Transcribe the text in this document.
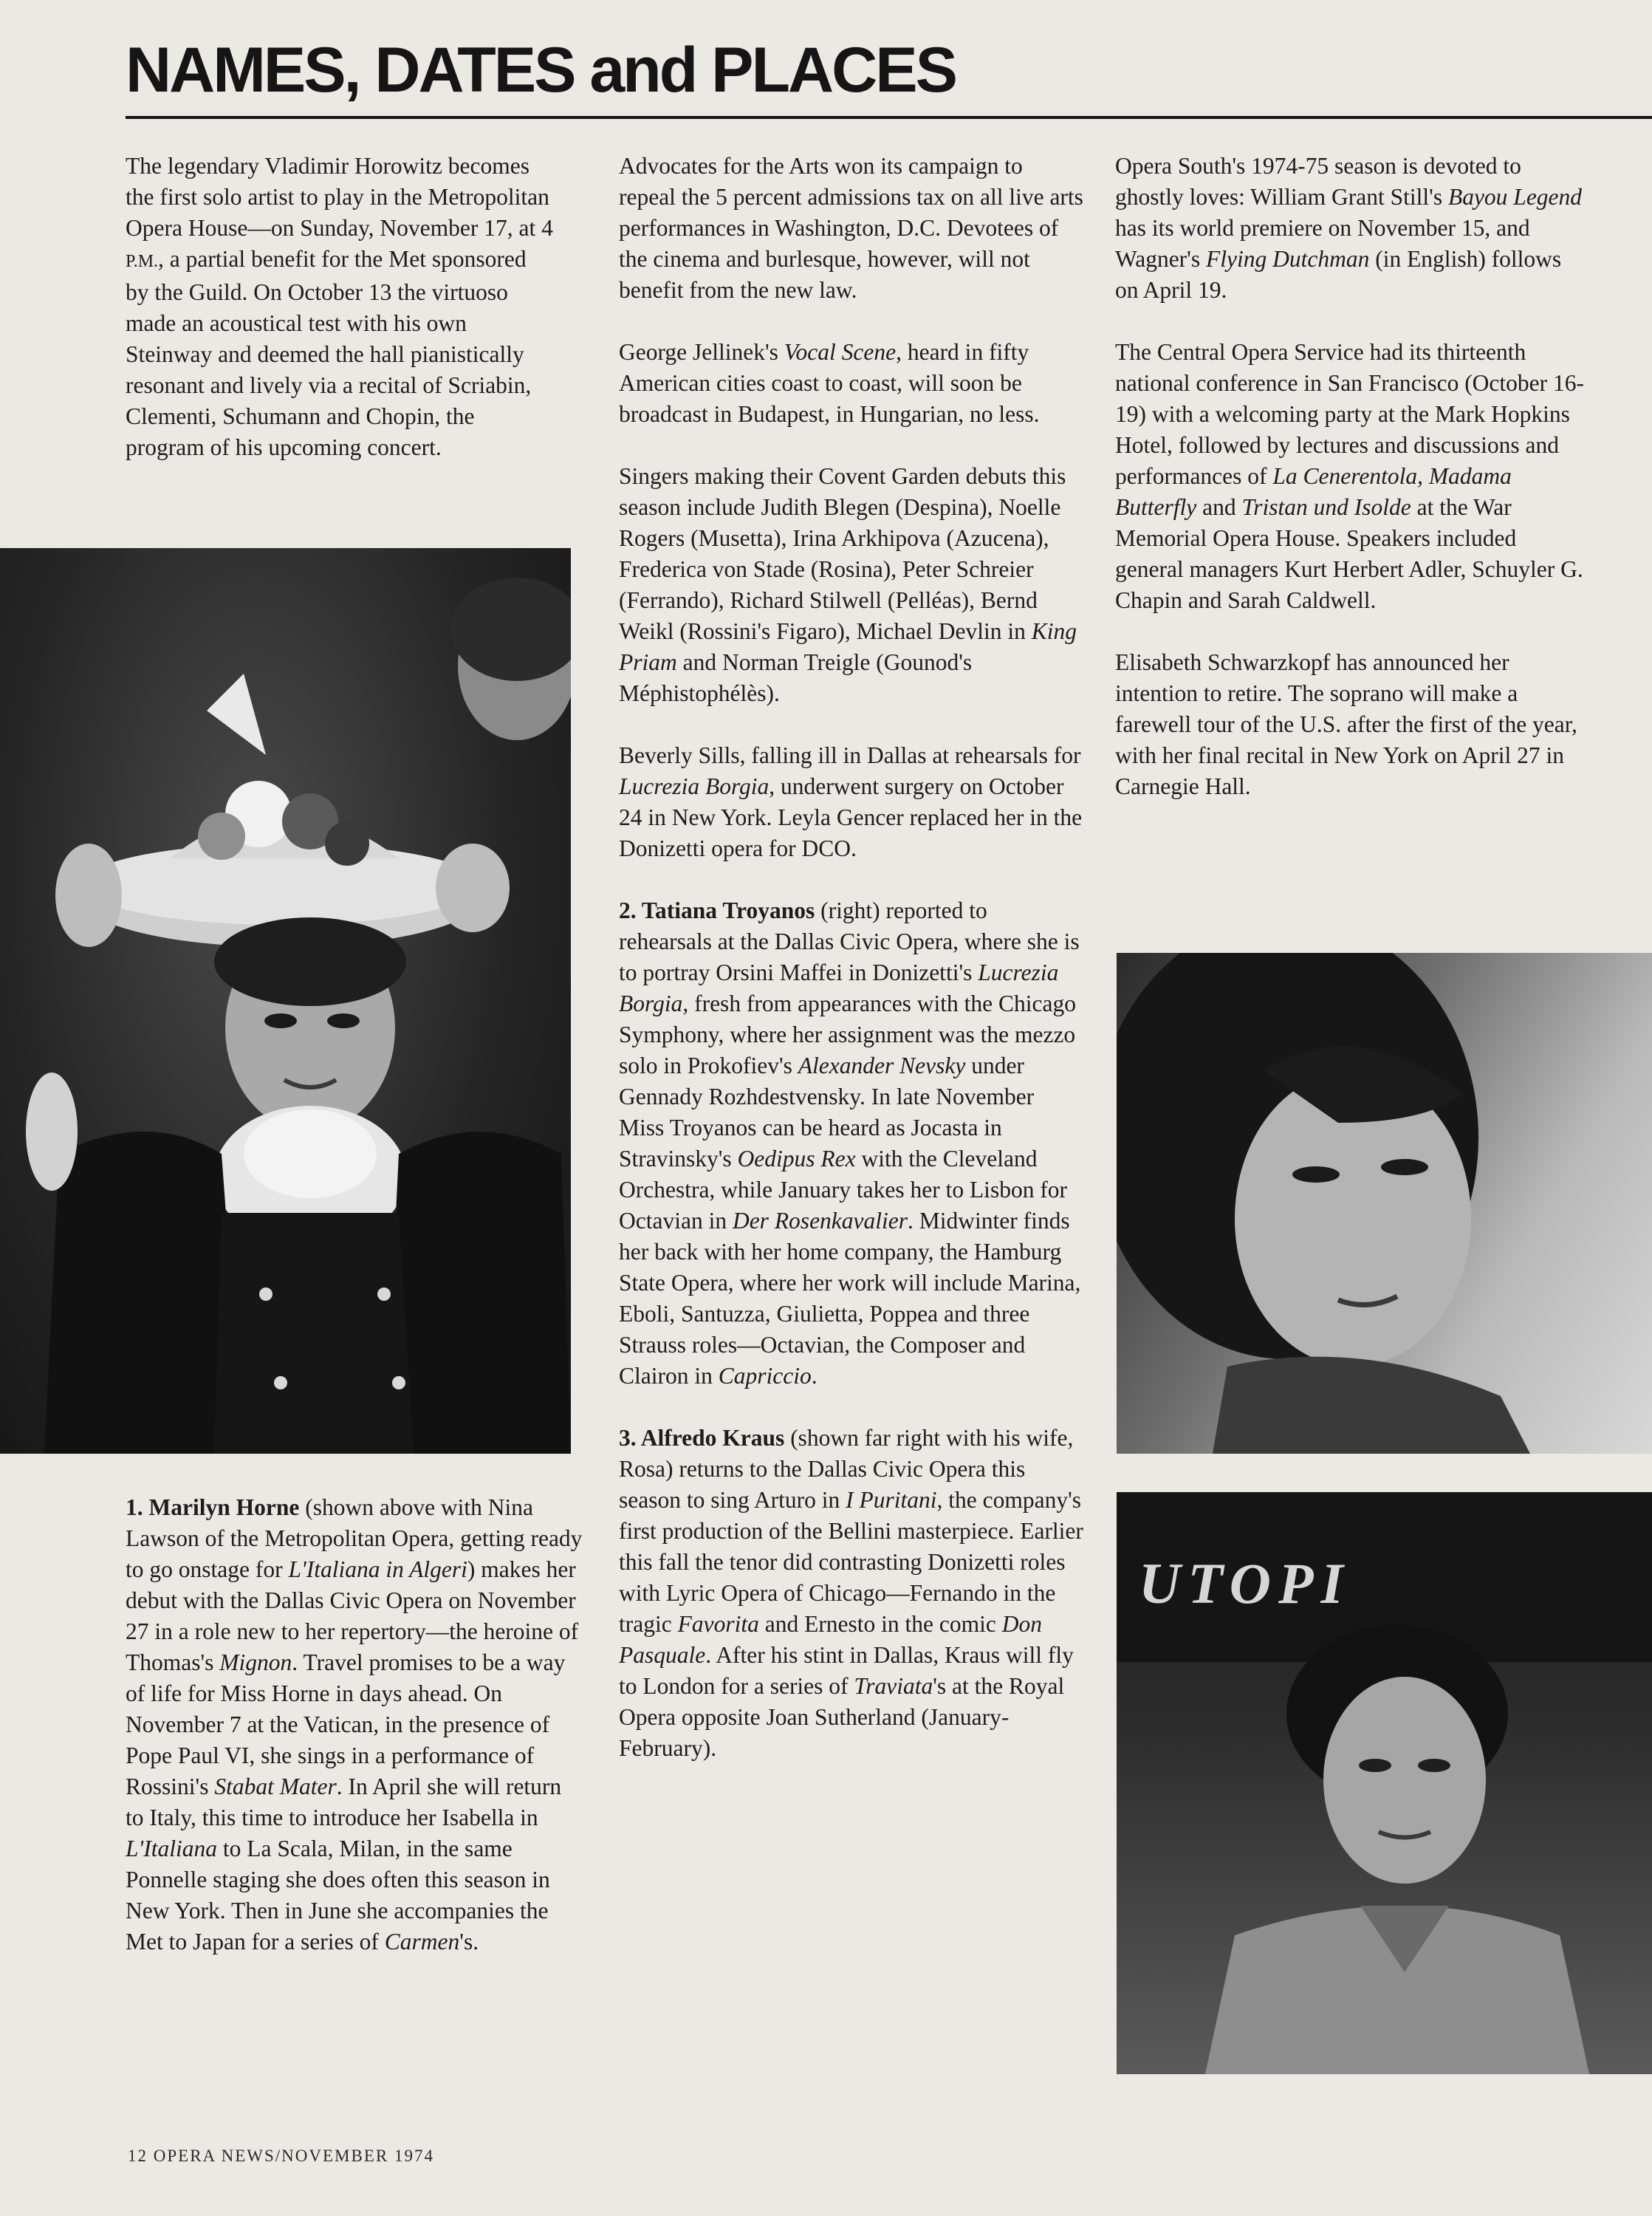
NAMES, DATES and PLACES

The legendary Vladimir Horowitz becomes the first solo artist to play in the Metropolitan Opera House—on Sunday, November 17, at 4 P.M., a partial benefit for the Met sponsored by the Guild. On October 13 the virtuoso made an acoustical test with his own Steinway and deemed the hall pianistically resonant and lively via a recital of Scriabin, Clementi, Schumann and Chopin, the program of his upcoming concert.

Advocates for the Arts won its campaign to repeal the 5 percent admissions tax on all live arts performances in Washington, D.C. Devotees of the cinema and burlesque, however, will not benefit from the new law.

George Jellinek's Vocal Scene, heard in fifty American cities coast to coast, will soon be broadcast in Budapest, in Hungarian, no less.

Singers making their Covent Garden debuts this season include Judith Blegen (Despina), Noelle Rogers (Musetta), Irina Arkhipova (Azucena), Frederica von Stade (Rosina), Peter Schreier (Ferrando), Richard Stilwell (Pelléas), Bernd Weikl (Rossini's Figaro), Michael Devlin in King Priam and Norman Treigle (Gounod's Méphistophélès).

Beverly Sills, falling ill in Dallas at rehearsals for Lucrezia Borgia, underwent surgery on October 24 in New York. Leyla Gencer replaced her in the Donizetti opera for DCO.

2. Tatiana Troyanos (right) reported to rehearsals at the Dallas Civic Opera, where she is to portray Orsini Maffei in Donizetti's Lucrezia Borgia, fresh from appearances with the Chicago Symphony, where her assignment was the mezzo solo in Prokofiev's Alexander Nevsky under Gennady Rozhdestvensky. In late November Miss Troyanos can be heard as Jocasta in Stravinsky's Oedipus Rex with the Cleveland Orchestra, while January takes her to Lisbon for Octavian in Der Rosenkavalier. Midwinter finds her back with her home company, the Hamburg State Opera, where her work will include Marina, Eboli, Santuzza, Giulietta, Poppea and three Strauss roles—Octavian, the Composer and Clairon in Capriccio.

3. Alfredo Kraus (shown far right with his wife, Rosa) returns to the Dallas Civic Opera this season to sing Arturo in I Puritani, the company's first production of the Bellini masterpiece. Earlier this fall the tenor did contrasting Donizetti roles with Lyric Opera of Chicago—Fernando in the tragic Favorita and Ernesto in the comic Don Pasquale. After his stint in Dallas, Kraus will fly to London for a series of Traviata's at the Royal Opera opposite Joan Sutherland (January-February).

Opera South's 1974-75 season is devoted to ghostly loves: William Grant Still's Bayou Legend has its world premiere on November 15, and Wagner's Flying Dutchman (in English) follows on April 19.

The Central Opera Service had its thirteenth national conference in San Francisco (October 16-19) with a welcoming party at the Mark Hopkins Hotel, followed by lectures and discussions and performances of La Cenerentola, Madama Butterfly and Tristan und Isolde at the War Memorial Opera House. Speakers included general managers Kurt Herbert Adler, Schuyler G. Chapin and Sarah Caldwell.

Elisabeth Schwarzkopf has announced her intention to retire. The soprano will make a farewell tour of the U.S. after the first of the year, with her final recital in New York on April 27 in Carnegie Hall.

UTOPI

1. Marilyn Horne (shown above with Nina Lawson of the Metropolitan Opera, getting ready to go onstage for L'Italiana in Algeri) makes her debut with the Dallas Civic Opera on November 27 in a role new to her repertory—the heroine of Thomas's Mignon. Travel promises to be a way of life for Miss Horne in days ahead. On November 7 at the Vatican, in the presence of Pope Paul VI, she sings in a performance of Rossini's Stabat Mater. In April she will return to Italy, this time to introduce her Isabella in L'Italiana to La Scala, Milan, in the same Ponnelle staging she does often this season in New York. Then in June she accompanies the Met to Japan for a series of Carmen's.

12 OPERA NEWS/NOVEMBER 1974
